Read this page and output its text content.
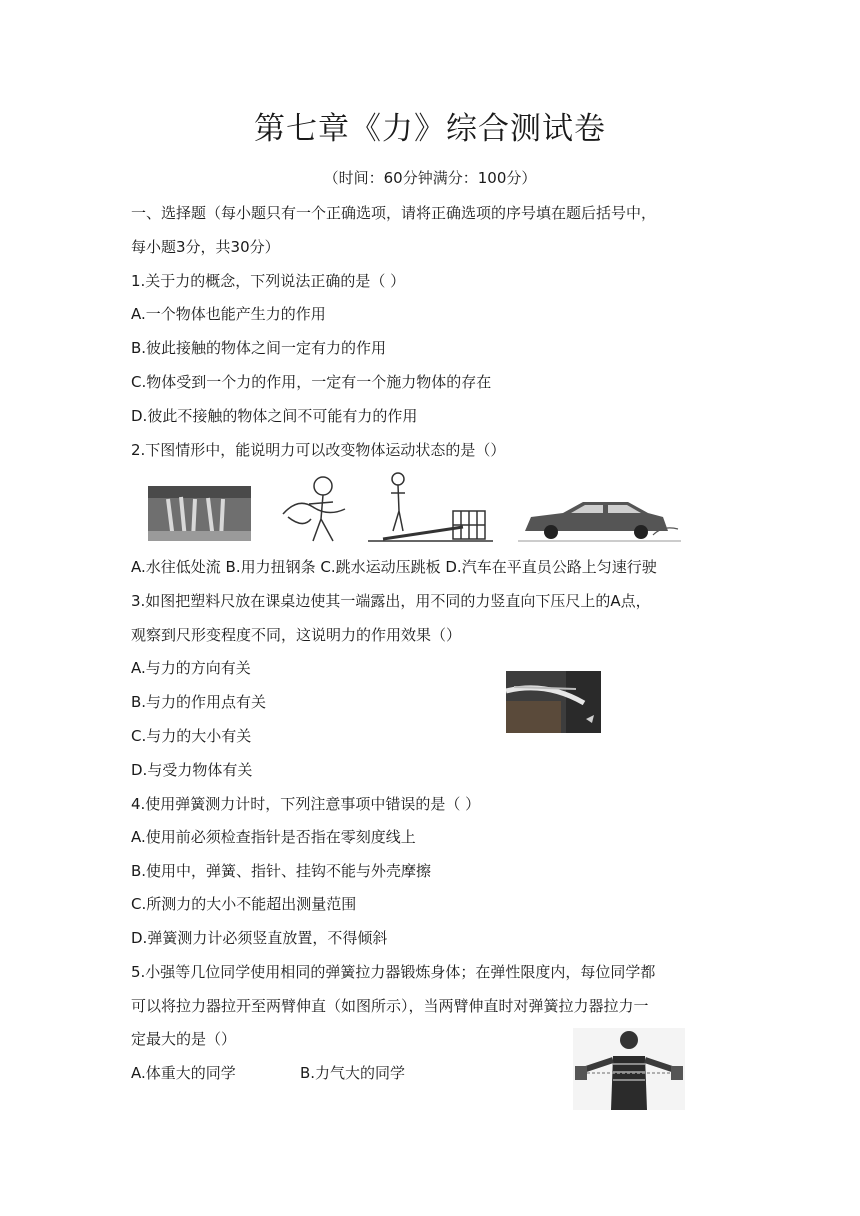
第七章《力》综合测试卷
（时间：60分钟满分：100分）
一、选择题（每小题只有一个正确选项，请将正确选项的序号填在题后括号中，
每小题3分，共30分）
1.关于力的概念，下列说法正确的是（ ）
A.一个物体也能产生力的作用
B.彼此接触的物体之间一定有力的作用
C.物体受到一个力的作用，一定有一个施力物体的存在
D.彼此不接触的物体之间不可能有力的作用
2.下图情形中，能说明力可以改变物体运动状态的是（）
A.水往低处流 B.用力扭钢条 C.跳水运动压跳板 D.汽车在平直员公路上匀速行驶
3.如图把塑料尺放在课桌边使其一端露出，用不同的力竖直向下压尺上的A点，
观察到尺形变程度不同，这说明力的作用效果（）
A.与力的方向有关
B.与力的作用点有关
C.与力的大小有关
D.与受力物体有关
4.使用弹簧测力计时，下列注意事项中错误的是（ ）
A.使用前必须检查指针是否指在零刻度线上
B.使用中，弹簧、指针、挂钩不能与外壳摩擦
C.所测力的大小不能超出测量范围
D.弹簧测力计必须竖直放置，不得倾斜
5.小强等几位同学使用相同的弹簧拉力器锻炼身体；在弹性限度内，每位同学都
可以将拉力器拉开至两臂伸直（如图所示），当两臂伸直时对弹簧拉力器拉力一
定最大的是（）
A.体重大的同学	B.力气大的同学
